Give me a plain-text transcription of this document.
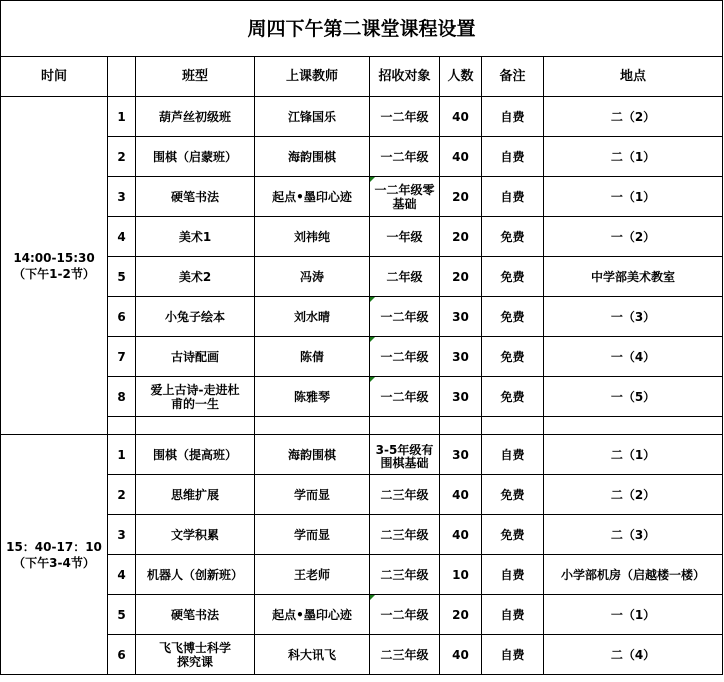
周四下午第二课堂课程设置							
时间		班型	上课教师	招收对象	人数	备注	地点

14:00-15:30
（下午1-2节）	1	葫芦丝初级班	江锋国乐	一二年级	40	自费	二（2）
	2	围棋（启蒙班）	海韵围棋	一二年级	40	自费	二（1）
	3	硬笔书法	起点•墨印心迹	一二年级零基础	20	自费	一（1）
	4	美术1	刘祎纯	一年级	20	免费	一（2）
	5	美术2	冯涛	二年级	20	免费	中学部美术教室
	6	小兔子绘本	刘水晴	一二年级	30	免费	一（3）
	7	古诗配画	陈倩	一二年级	30	免费	一（4）
	8	爱上古诗-走进杜甫的一生	陈雅琴	一二年级	30	免费	一（5）

15：40-17：10
（下午3-4节）	1	围棋（提高班）	海韵围棋	3-5年级有围棋基础	30	自费	二（1）
	2	思维扩展	学而显	二三年级	40	免费	二（2）
	3	文学积累	学而显	二三年级	40	免费	二（3）
	4	机器人（创新班）	王老师	二三年级	10	自费	小学部机房（启越楼一楼）
	5	硬笔书法	起点•墨印心迹	一二年级	20	自费	一（1）
	6	飞飞博士科学探究课	科大讯飞	二三年级	40	自费	二（4）
